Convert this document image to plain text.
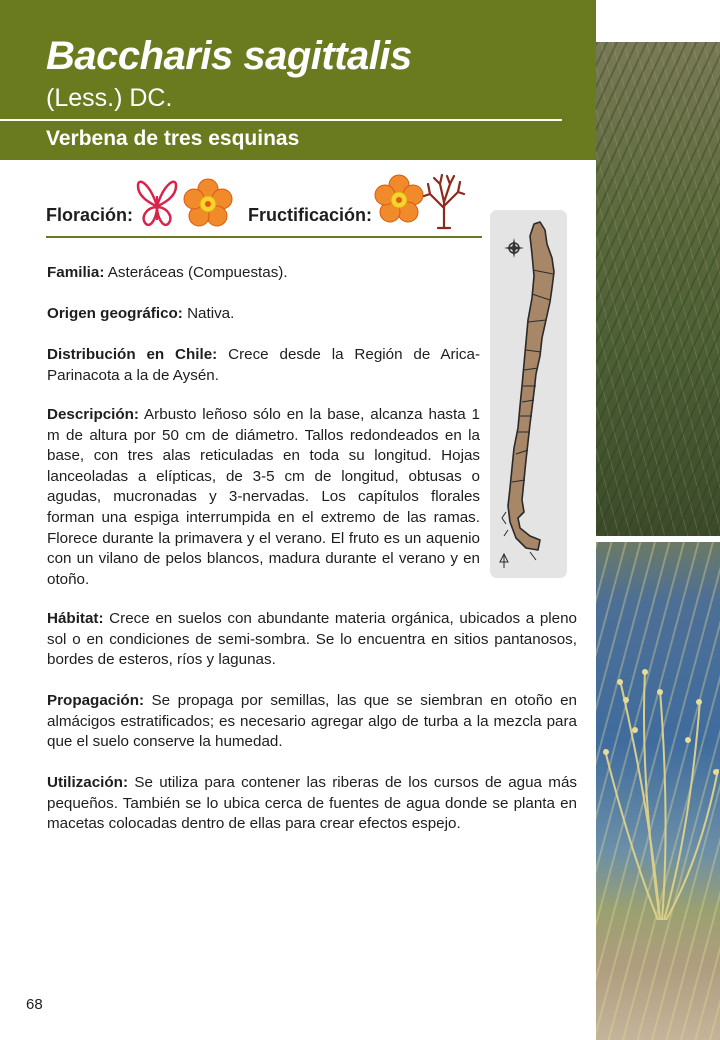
Baccharis sagittalis
(Less.) DC.
Verbena de tres esquinas
Floración:	Fructificación:

Familia: Asteráceas (Compuestas).

Origen geográfico: Nativa.

Distribución en Chile: Crece desde la Región de Arica-Parinacota a la de Aysén.

Descripción: Arbusto leñoso sólo en la base, alcanza hasta 1 m de altura por 50 cm de diámetro. Tallos redondeados en la base, con tres alas reticuladas en toda su longitud. Hojas lanceoladas a elípticas, de 3-5 cm de longitud, obtusas o agudas, mucronadas y 3-nervadas. Los capítulos florales forman una espiga interrumpida en el extremo de las ramas. Florece durante la primavera y el verano. El fruto es un aquenio con un vilano de pelos blancos, madura durante el verano y en otoño.

Hábitat: Crece en suelos con abundante materia orgánica, ubicados a pleno sol o en condiciones de semi-sombra. Se lo encuentra en sitios pantanosos, bordes de esteros, ríos y lagunas.

Propagación: Se propaga por semillas, las que se siembran en otoño en almácigos estratificados; es necesario agregar algo de turba a la mezcla para que el suelo conserve la humedad.

Utilización: Se utiliza para contener las riberas de los cursos de agua más pequeños. También se lo ubica cerca de fuentes de agua donde se planta en macetas colocadas dentro de ellas para crear efectos espejo.

68
